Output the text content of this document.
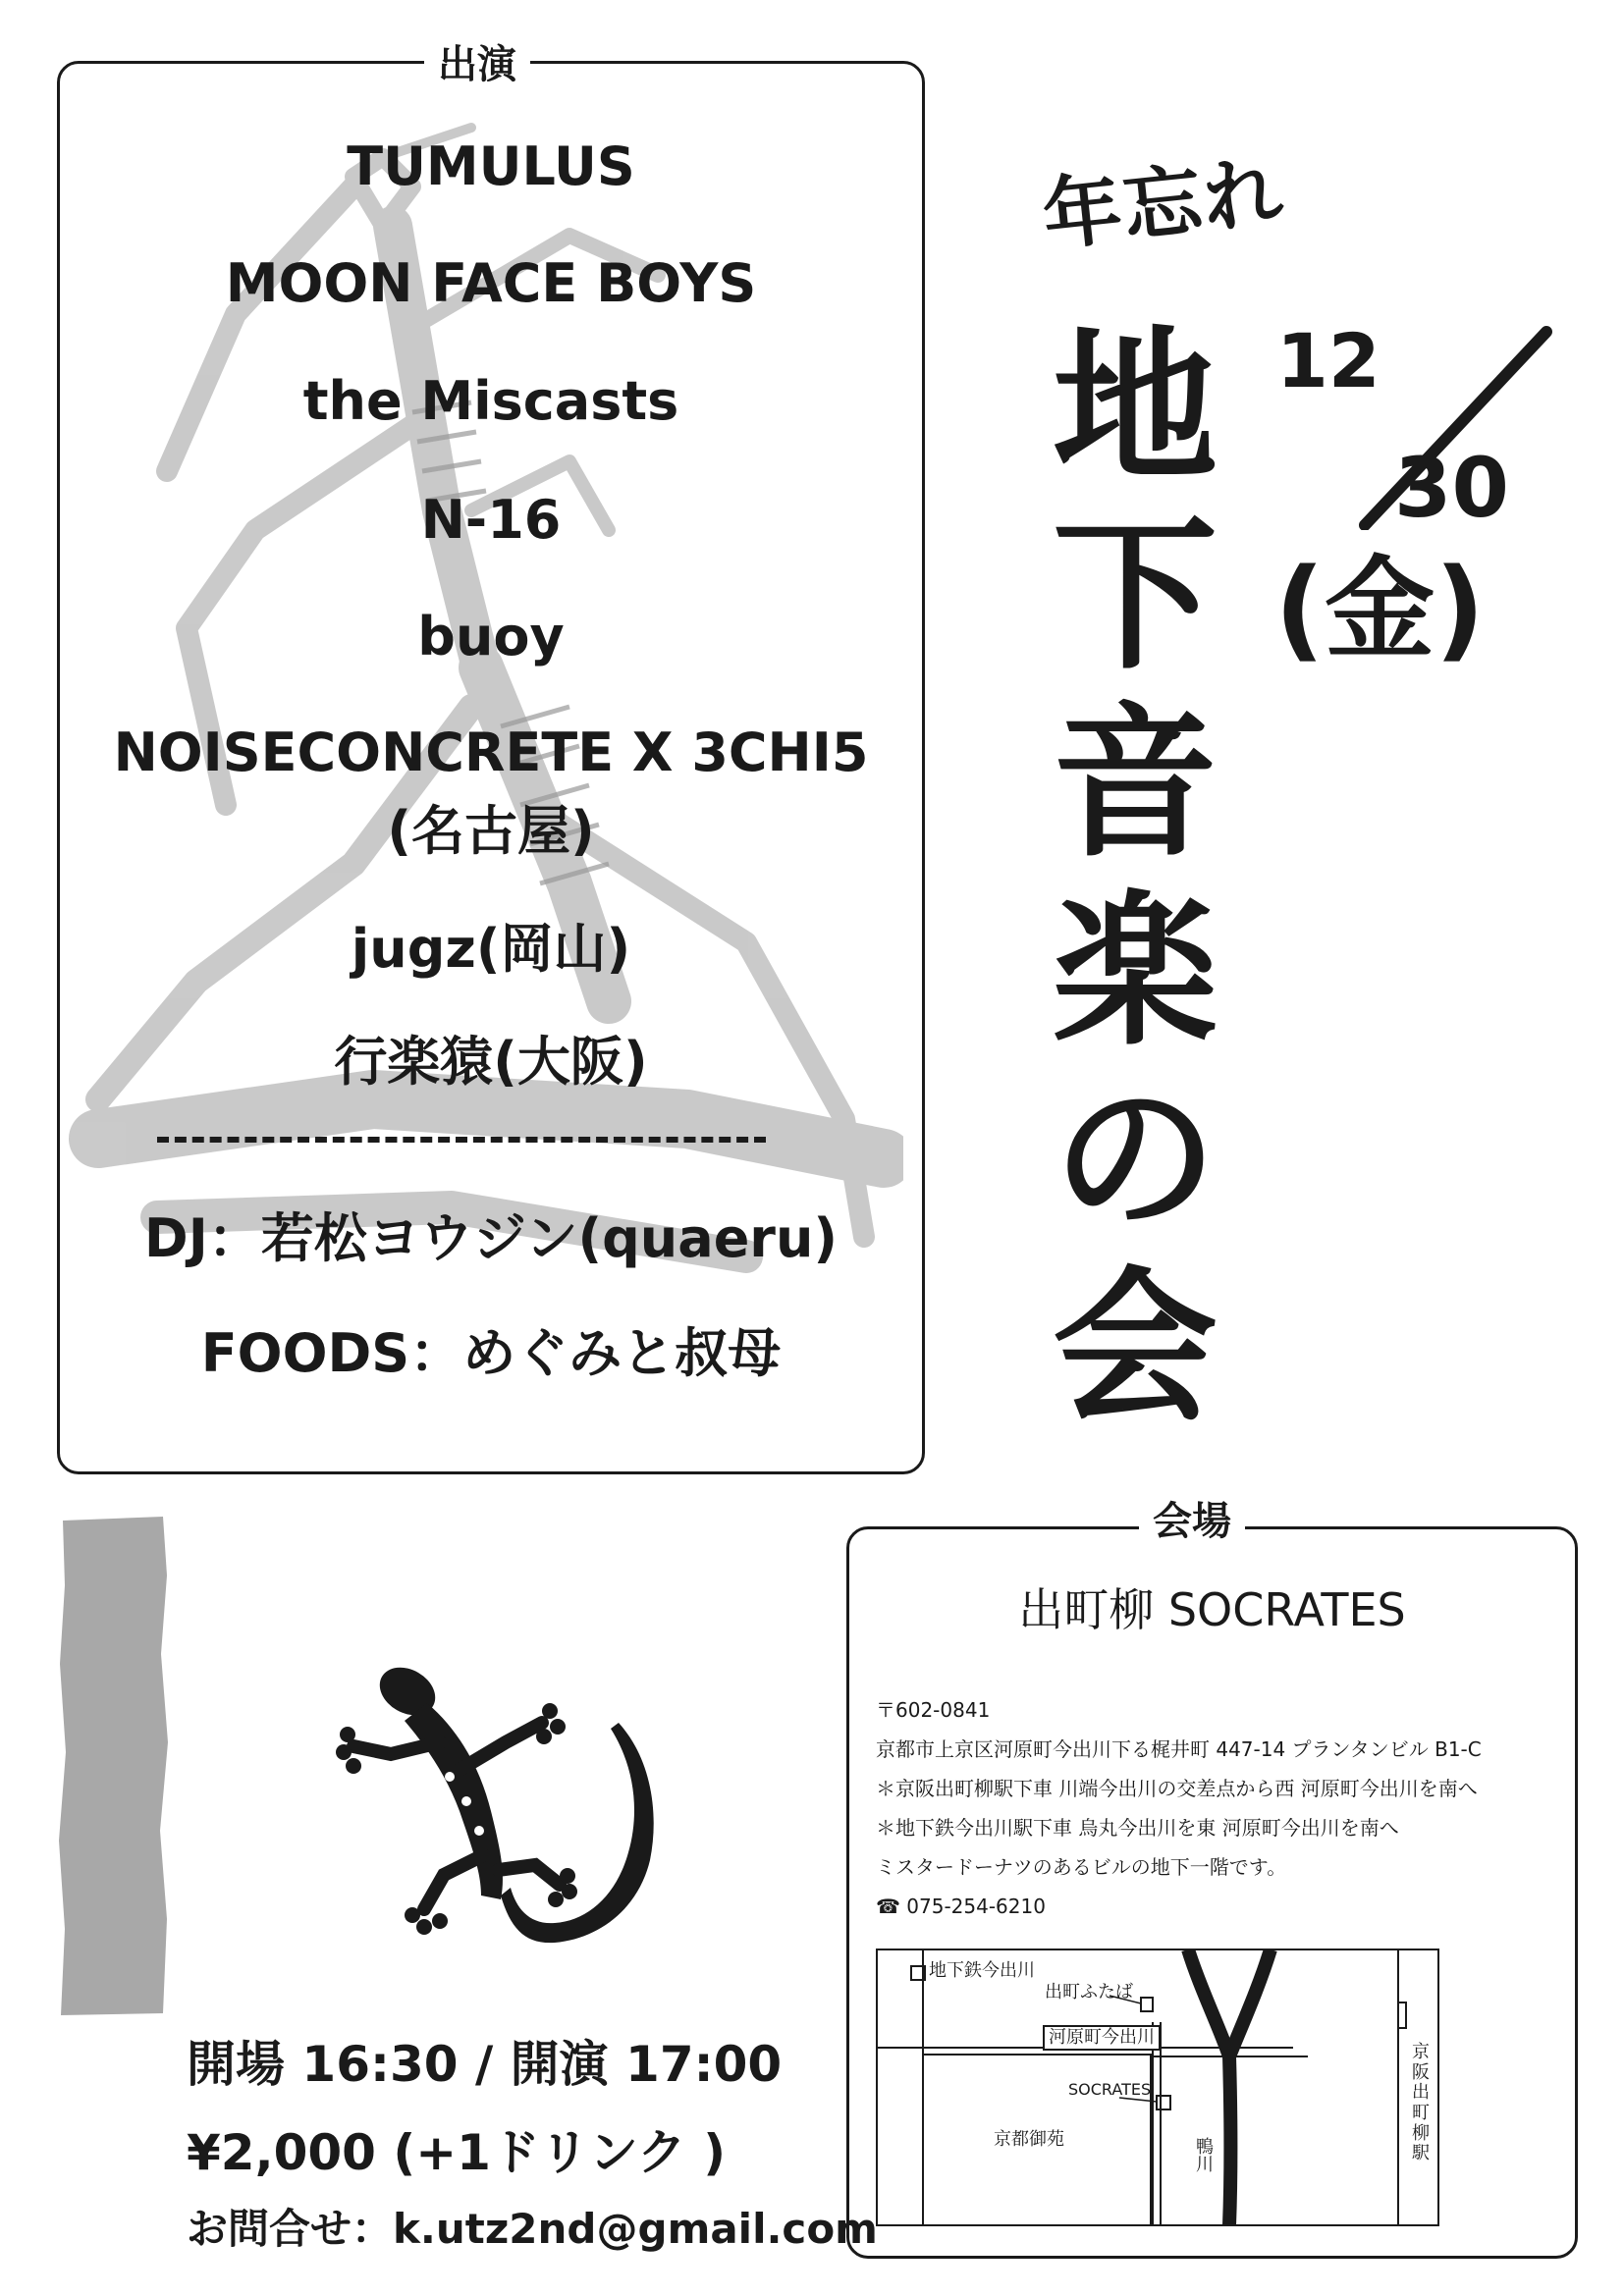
出演
TUMULUS
MOON FACE BOYS
the Miscasts
N-16
buoy
NOISECONCRETE X 3CHI5
(名古屋)
jugz(岡山)
行楽猿(大阪)
DJ：若松ヨウジン(quaeru)
FOODS：めぐみと叔母
年忘れ
地
下
音
楽
の
会
12
30
(金)
開場 16:30 / 開演 17:00
¥2,000 (+1ドリンク )
お問合せ：k.utz2nd@gmail.com
会場
出町柳 SOCRATES
〒602-0841
京都市上京区河原町今出川下る梶井町 447-14 プランタンビル B1-C
＊京阪出町柳駅下車 川端今出川の交差点から西 河原町今出川を南へ
＊地下鉄今出川駅下車 烏丸今出川を東 河原町今出川を南へ
ミスタードーナツのあるビルの地下一階です。
☎ 075-254-6210
地下鉄今出川
出町ふたば
河原町今出川
SOCRATES
京都御苑	鴨川
京阪出町柳駅
